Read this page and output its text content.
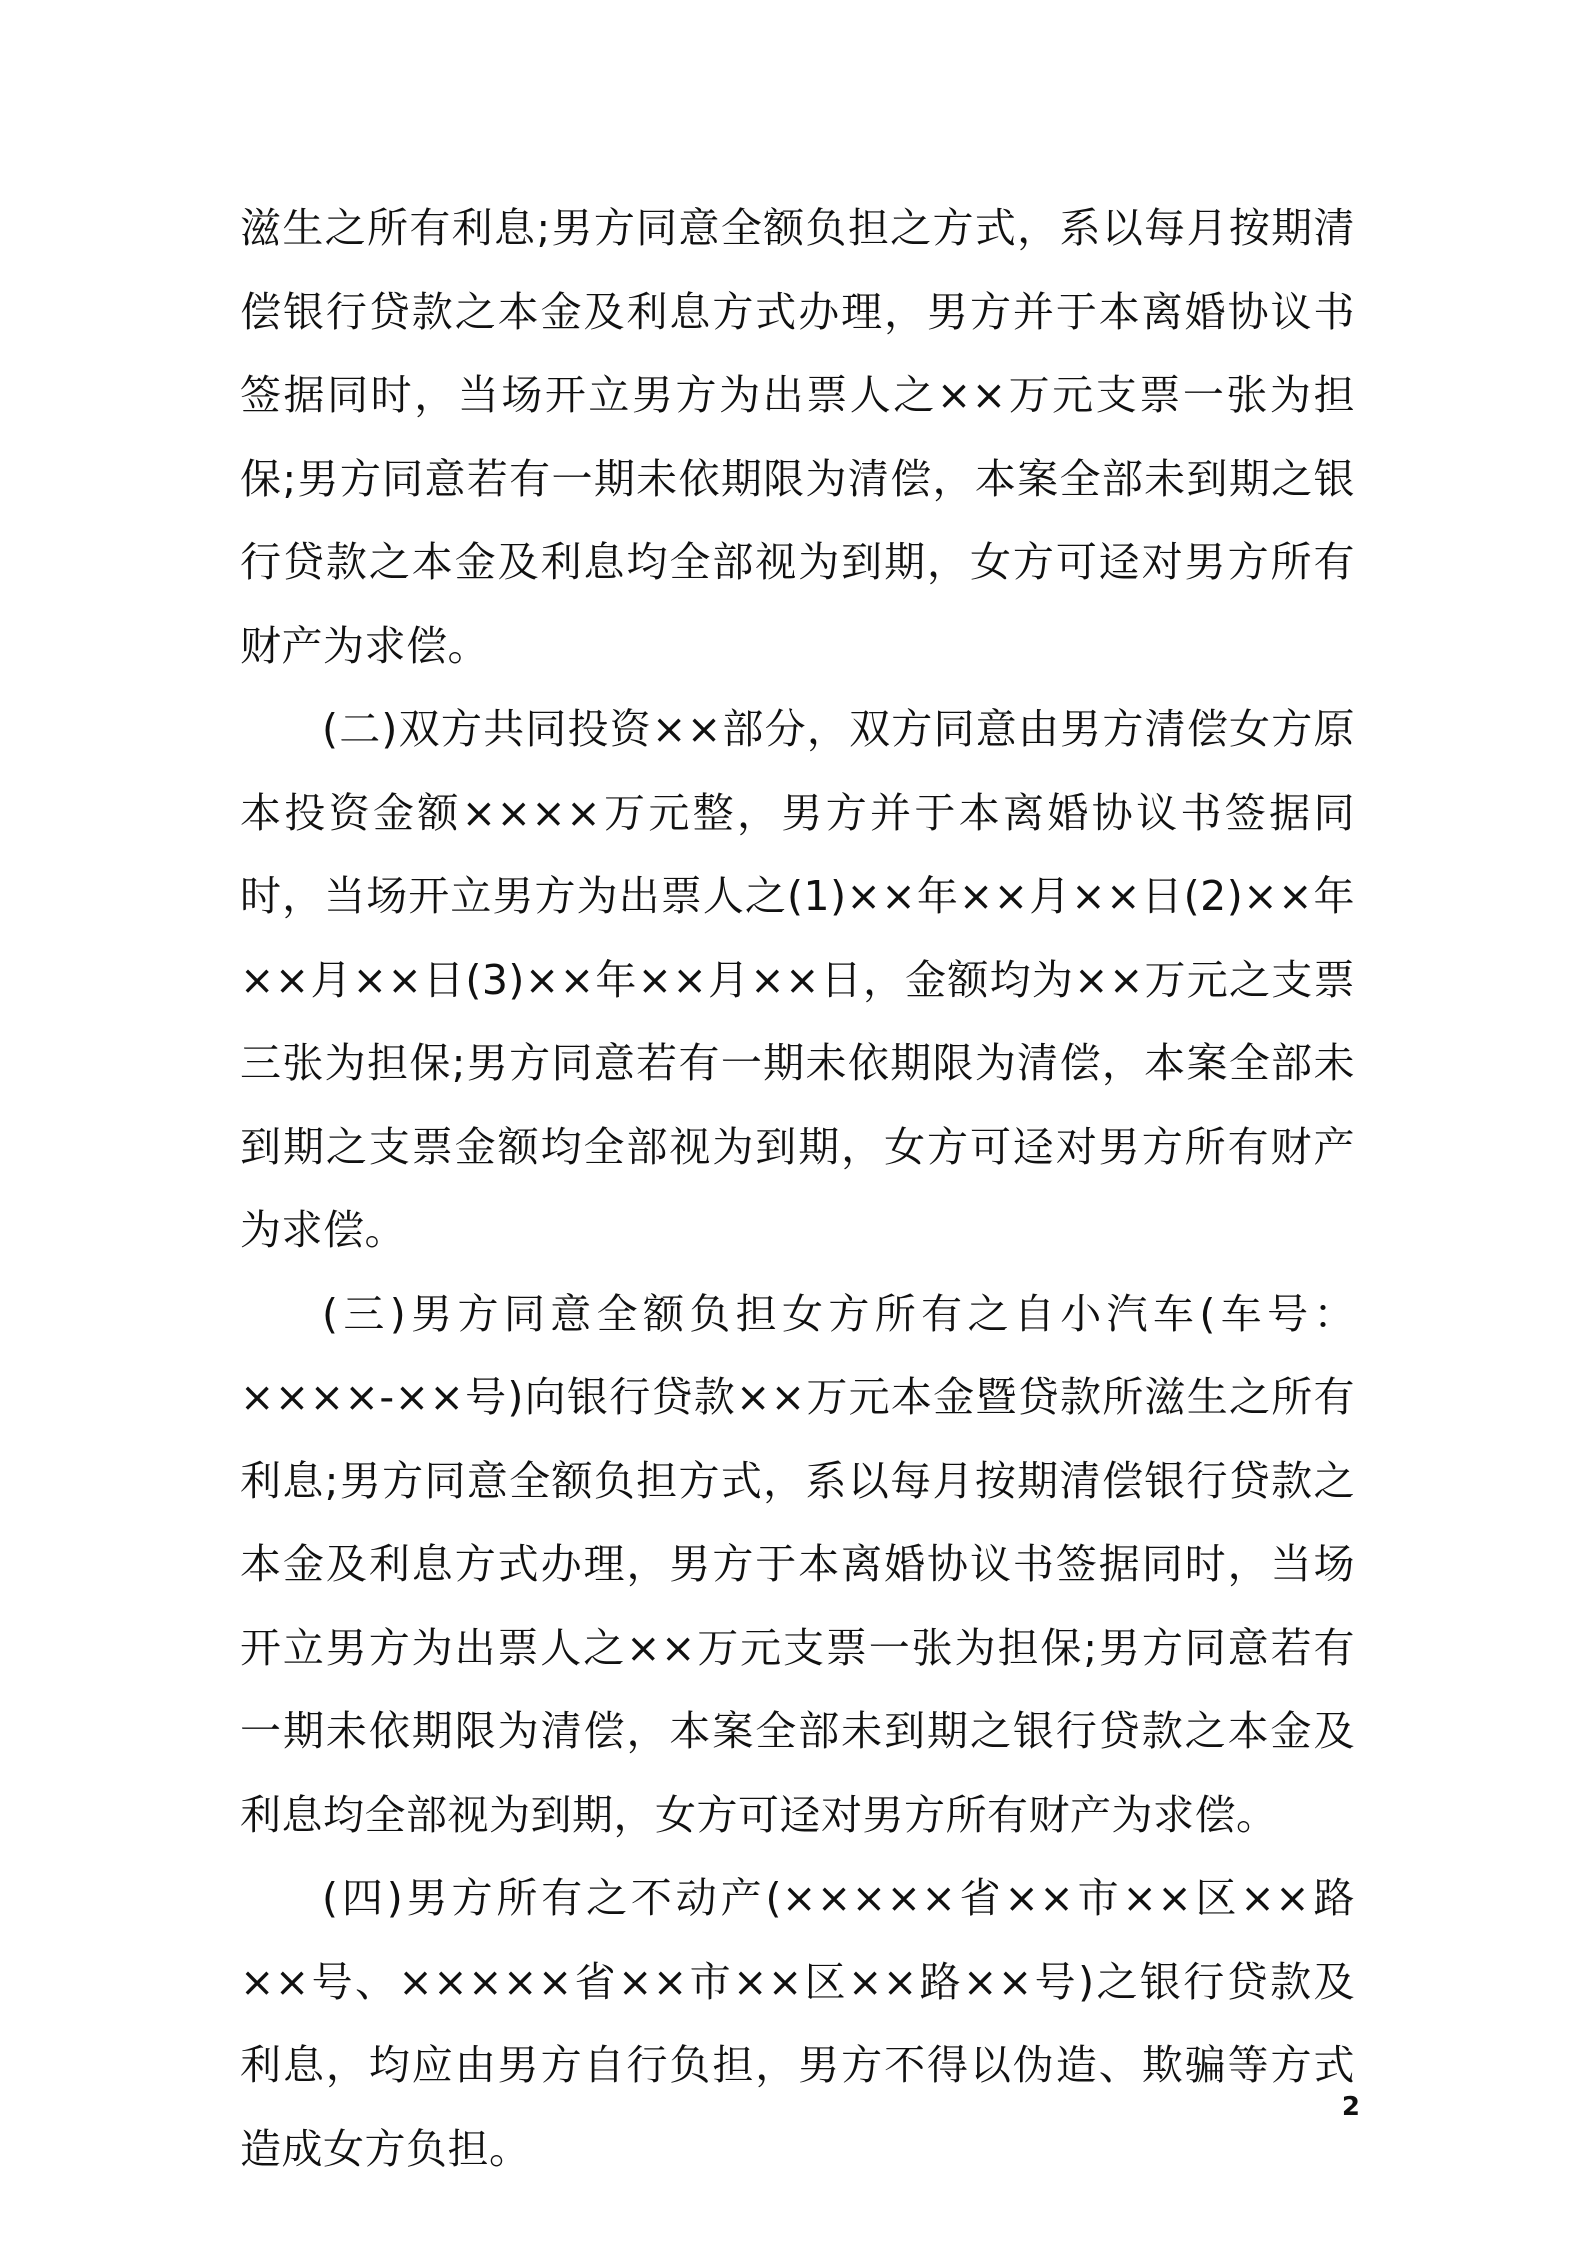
滋生之所有利息;男方同意全额负担之方式，系以每月按期清偿银行贷款之本金及利息方式办理，男方并于本离婚协议书签据同时，当场开立男方为出票人之××万元支票一张为担保;男方同意若有一期未依期限为清偿，本案全部未到期之银行贷款之本金及利息均全部视为到期，女方可迳对男方所有财产为求偿。

(二)双方共同投资××部分，双方同意由男方清偿女方原本投资金额××××万元整，男方并于本离婚协议书签据同时，当场开立男方为出票人之(1)××年××月××日(2)××年××月××日(3)××年××月××日，金额均为××万元之支票三张为担保;男方同意若有一期未依期限为清偿，本案全部未到期之支票金额均全部视为到期，女方可迳对男方所有财产为求偿。

(三)男方同意全额负担女方所有之自小汽车(车号：××××-××号)向银行贷款××万元本金暨贷款所滋生之所有利息;男方同意全额负担方式，系以每月按期清偿银行贷款之本金及利息方式办理，男方于本离婚协议书签据同时，当场开立男方为出票人之××万元支票一张为担保;男方同意若有一期未依期限为清偿，本案全部未到期之银行贷款之本金及利息均全部视为到期，女方可迳对男方所有财产为求偿。

(四)男方所有之不动产(×××××省××市××区××路××号、×××××省××市××区××路××号)之银行贷款及利息，均应由男方自行负担，男方不得以伪造、欺骗等方式造成女方负担。

2
